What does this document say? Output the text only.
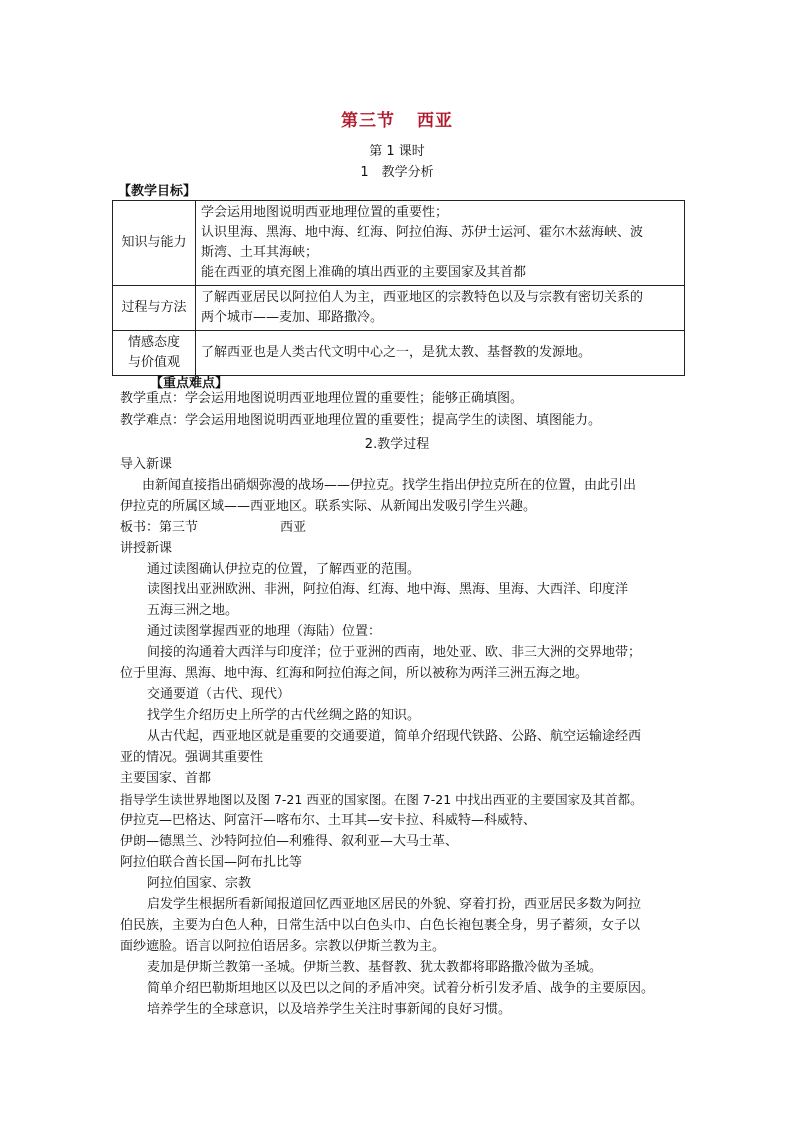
第三节 西亚
第 1 课时
1　教学分析
【教学目标】
知识与能力	学会运用地图说明西亚地理位置的重要性；
认识里海、黑海、地中海、红海、阿拉伯海、苏伊士运河、霍尔木兹海峡、波
斯湾、土耳其海峡；
能在西亚的填充图上准确的填出西亚的主要国家及其首都

过程与方法	了解西亚居民以阿拉伯人为主，西亚地区的宗教特色以及与宗教有密切关系的
两个城市——麦加、耶路撒冷。

情感态度
与价值观	了解西亚也是人类古代文明中心之一，是犹太教、基督教的发源地。
【重点难点】
教学重点：学会运用地图说明西亚地理位置的重要性；能够正确填图。
教学难点：学会运用地图说明西亚地理位置的重要性；提高学生的读图、填图能力。
2.教学过程
导入新课
由新闻直接指出硝烟弥漫的战场——伊拉克。找学生指出伊拉克所在的位置，由此引出
伊拉克的所属区域——西亚地区。联系实际、从新闻出发吸引学生兴趣。
板书：第三节	西亚
讲授新课
通过读图确认伊拉克的位置，了解西亚的范围。
读图找出亚洲欧洲、非洲，阿拉伯海、红海、地中海、黑海、里海、大西洋、印度洋
五海三洲之地。
通过读图掌握西亚的地理（海陆）位置：
间接的沟通着大西洋与印度洋；位于亚洲的西南，地处亚、欧、非三大洲的交界地带；
位于里海、黑海、地中海、红海和阿拉伯海之间，所以被称为两洋三洲五海之地。
交通要道（古代、现代）
找学生介绍历史上所学的古代丝绸之路的知识。
从古代起，西亚地区就是重要的交通要道，简单介绍现代铁路、公路、航空运输途经西
亚的情况。强调其重要性
主要国家、首都
指导学生读世界地图以及图 7-21 西亚的国家图。在图 7-21 中找出西亚的主要国家及其首都。
伊拉克—巴格达、阿富汗—喀布尔、土耳其—安卡拉、科威特—科威特、
伊朗—德黑兰、沙特阿拉伯—利雅得、叙利亚—大马士革、
阿拉伯联合酋长国—阿布扎比等
阿拉伯国家、宗教
启发学生根据所看新闻报道回忆西亚地区居民的外貌、穿着打扮，西亚居民多数为阿拉
伯民族，主要为白色人种，日常生活中以白色头巾、白色长袍包裹全身，男子蓄须，女子以
面纱遮脸。语言以阿拉伯语居多。宗教以伊斯兰教为主。
麦加是伊斯兰教第一圣城。伊斯兰教、基督教、犹太教都将耶路撒冷做为圣城。
简单介绍巴勒斯坦地区以及巴以之间的矛盾冲突。试着分析引发矛盾、战争的主要原因。
培养学生的全球意识，以及培养学生关注时事新闻的良好习惯。
